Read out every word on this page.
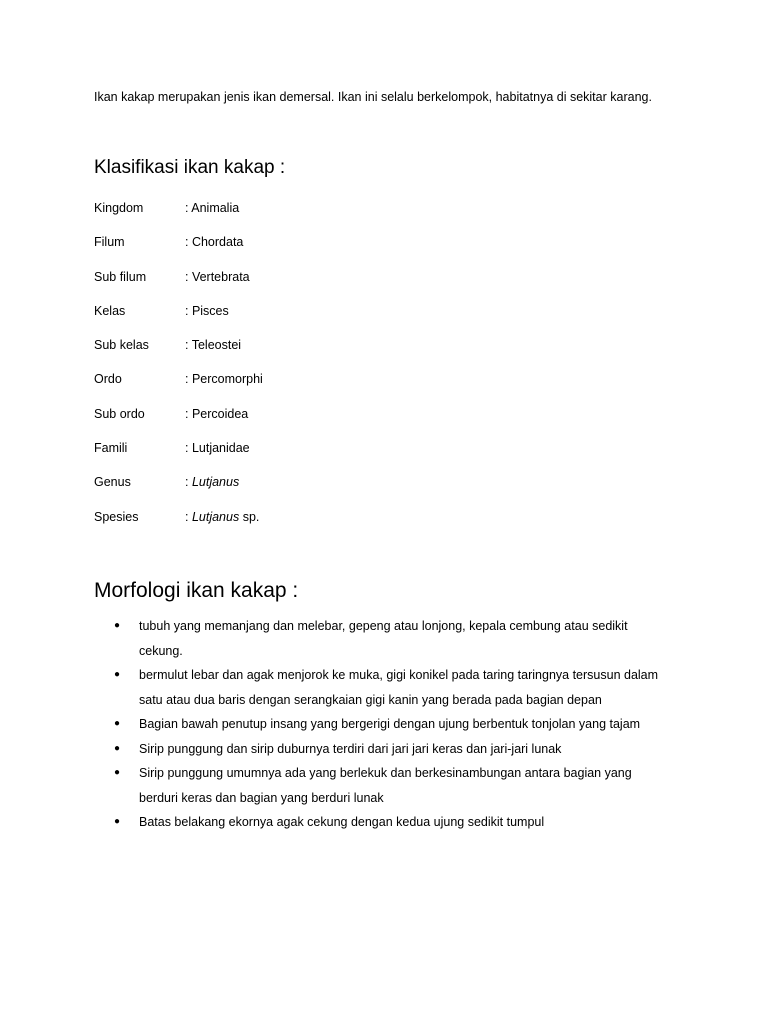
Ikan kakap merupakan jenis ikan demersal. Ikan ini selalu berkelompok, habitatnya di sekitar karang.
Klasifikasi ikan kakap :
Kingdom	: Animalia
Filum	: Chordata
Sub filum	: Vertebrata
Kelas	: Pisces
Sub kelas	: Teleostei
Ordo	: Percomorphi
Sub ordo	: Percoidea
Famili	: Lutjanidae
Genus	: Lutjanus
Spesies	: Lutjanus sp.
Morfologi ikan kakap :
● tubuh yang memanjang dan melebar, gepeng atau lonjong, kepala cembung atau sedikit cekung.
● bermulut lebar dan agak menjorok ke muka, gigi konikel pada taring taringnya tersusun dalam satu atau dua baris dengan serangkaian gigi kanin yang berada pada bagian depan
● Bagian bawah penutup insang yang bergerigi dengan ujung berbentuk tonjolan yang tajam
● Sirip punggung dan sirip duburnya terdiri dari jari jari keras dan jari-jari lunak
● Sirip punggung umumnya ada yang berlekuk dan berkesinambungan antara bagian yang berduri keras dan bagian yang berduri lunak
● Batas belakang ekornya agak cekung dengan kedua ujung sedikit tumpul
